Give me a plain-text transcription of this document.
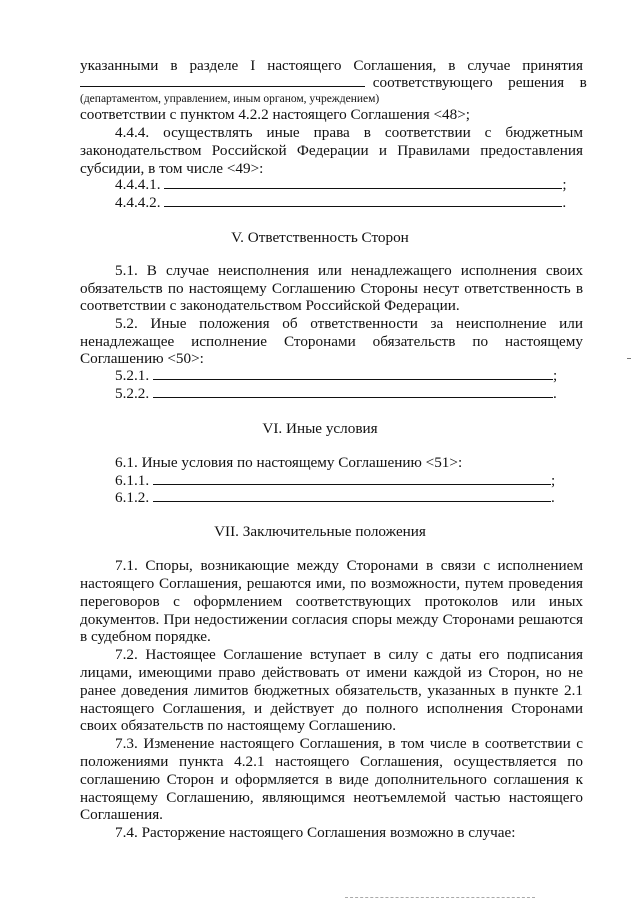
указанными в разделе I настоящего Соглашения, в случае принятия
соответствующего решения в
(департаментом, управлением, иным органом, учреждением)
соответствии с пунктом 4.2.2 настоящего Соглашения <48>;
4.4.4. осуществлять иные права в соответствии с бюджетным
законодательством Российской Федерации и Правилами предоставления
субсидии, в том числе <49>:
4.4.4.1.	;
4.4.4.2.	.
V. Ответственность Сторон
5.1. В случае неисполнения или ненадлежащего исполнения своих
обязательств по настоящему Соглашению Стороны несут ответственность в
соответствии с законодательством Российской Федерации.
5.2. Иные положения об ответственности за неисполнение или
ненадлежащее исполнение Сторонами обязательств по настоящему
Соглашению <50>:
5.2.1.	;
5.2.2.	.
VI. Иные условия
6.1. Иные условия по настоящему Соглашению <51>:
6.1.1.	;
6.1.2.	.
VII. Заключительные положения
7.1. Споры, возникающие между Сторонами в связи с исполнением
настоящего Соглашения, решаются ими, по возможности, путем проведения
переговоров с оформлением соответствующих протоколов или иных
документов. При недостижении согласия споры между Сторонами решаются
в судебном порядке.
7.2. Настоящее Соглашение вступает в силу с даты его подписания
лицами, имеющими право действовать от имени каждой из Сторон, но не
ранее доведения лимитов бюджетных обязательств, указанных в пункте 2.1
настоящего Соглашения, и действует до полного исполнения Сторонами
своих обязательств по настоящему Соглашению.
7.3. Изменение настоящего Соглашения, в том числе в соответствии с
положениями пункта 4.2.1 настоящего Соглашения, осуществляется по
соглашению Сторон и оформляется в виде дополнительного соглашения к
настоящему Соглашению, являющимся неотъемлемой частью настоящего
Соглашения.
7.4. Расторжение настоящего Соглашения возможно в случае:
